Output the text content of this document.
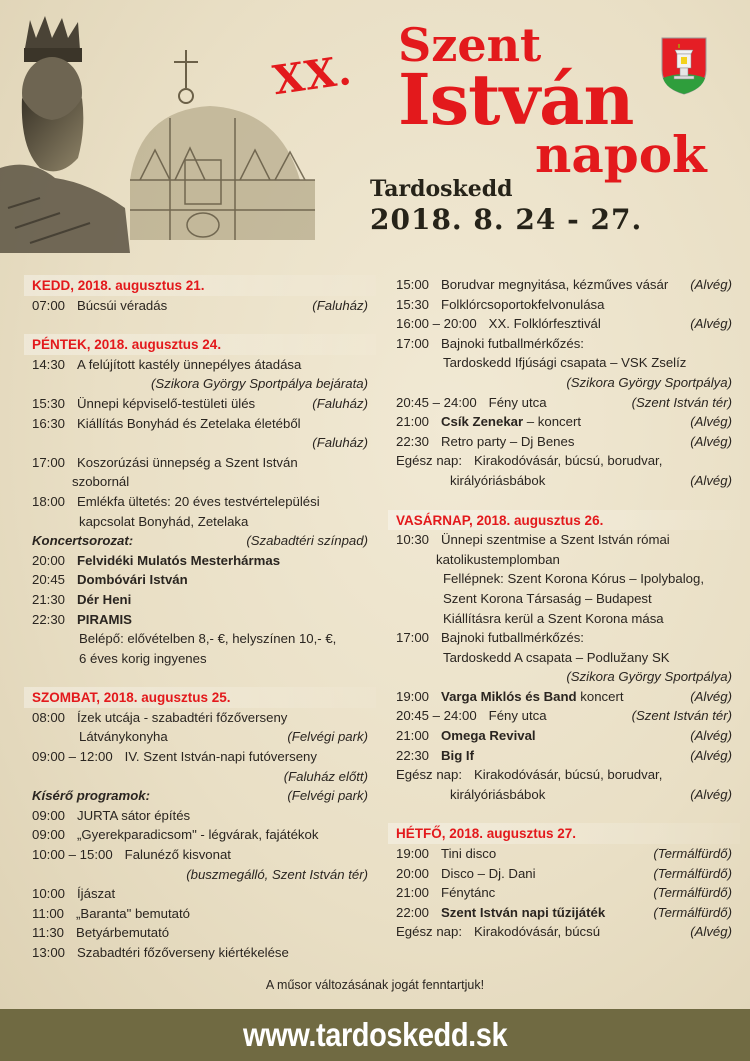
XX.
Szent
István
napok
Tardoskedd
2018. 8. 24 - 27.
KEDD, 2018. augusztus 21.
07:00 Búcsúi véradás	(Faluház)
PÉNTEK, 2018. augusztus 24.
14:30 A felújított kastély ünnepélyes átadása
(Szikora György Sportpálya bejárata)
15:30 Ünnepi képviselő-testületi ülés	(Faluház)
16:30 Kiállítás Bonyhád és Zetelaka életéből
(Faluház)
17:00 Koszorúzási ünnepség a Szent István
szobornál
18:00 Emlékfa ültetés: 20 éves testvértelepülési
kapcsolat Bonyhád, Zetelaka
Koncertsorozat:	(Szabadtéri színpad)
20:00 Felvidéki Mulatós Mesterhármas
20:45 Dombóvári István
21:30 Dér Heni
22:30 PIRAMIS
Belépő: elővételben 8,- €, helyszínen 10,- €,
6 éves korig ingyenes
SZOMBAT, 2018. augusztus 25.
08:00 Ízek utcája - szabadtéri főzőverseny
Látványkonyha	(Felvégi park)
09:00 – 12:00 IV. Szent István-napi futóverseny
(Faluház előtt)
Kísérő programok:	(Felvégi park)
09:00 JURTA sátor építés
09:00 „Gyerekparadicsom" - légvárak, fajátékok
10:00 – 15:00 Falunéző kisvonat
(buszmegálló, Szent István tér)
10:00 Íjászat
11:00 „Baranta" bemutató
11:30 Betyárbemutató
13:00 Szabadtéri főzőverseny kiértékelése
15:00 Borudvar megnyitása, kézműves vásár	(Alvég)
15:30 Folklórcsoportokfelvonulása
16:00 – 20:00 XX. Folklórfesztivál	(Alvég)
17:00 Bajnoki futballmérkőzés:
Tardoskedd Ifjúsági csapata – VSK Zselíz
(Szikora György Sportpálya)
20:45 – 24:00 Fény utca	(Szent István tér)
21:00 Csík Zenekar – koncert	(Alvég)
22:30 Retro party – Dj Benes	(Alvég)
Egész nap: Kirakodóvásár, búcsú, borudvar,
királyóriásbábok	(Alvég)
VASÁRNAP, 2018. augusztus 26.
10:30 Ünnepi szentmise a Szent István római
katolikustemplomban
Fellépnek: Szent Korona Kórus – Ipolybalog,
Szent Korona Társaság – Budapest
Kiállításra kerül a Szent Korona mása
17:00 Bajnoki futballmérkőzés:
Tardoskedd A csapata – Podlužany SK
(Szikora György Sportpálya)
19:00 Varga Miklós és Band koncert	(Alvég)
20:45 – 24:00 Fény utca	(Szent István tér)
21:00 Omega Revival	(Alvég)
22:30 Big If	(Alvég)
Egész nap: Kirakodóvásár, búcsú, borudvar,
királyóriásbábok	(Alvég)
HÉTFŐ, 2018. augusztus 27.
19:00 Tini disco	(Termálfürdő)
20:00 Disco – Dj. Dani	(Termálfürdő)
21:00 Fénytánc	(Termálfürdő)
22:00 Szent István napi tűzijáték	(Termálfürdő)
Egész nap: Kirakodóvásár, búcsú	(Alvég)
A műsor változásának jogát fenntartjuk!
www.tardoskedd.sk
